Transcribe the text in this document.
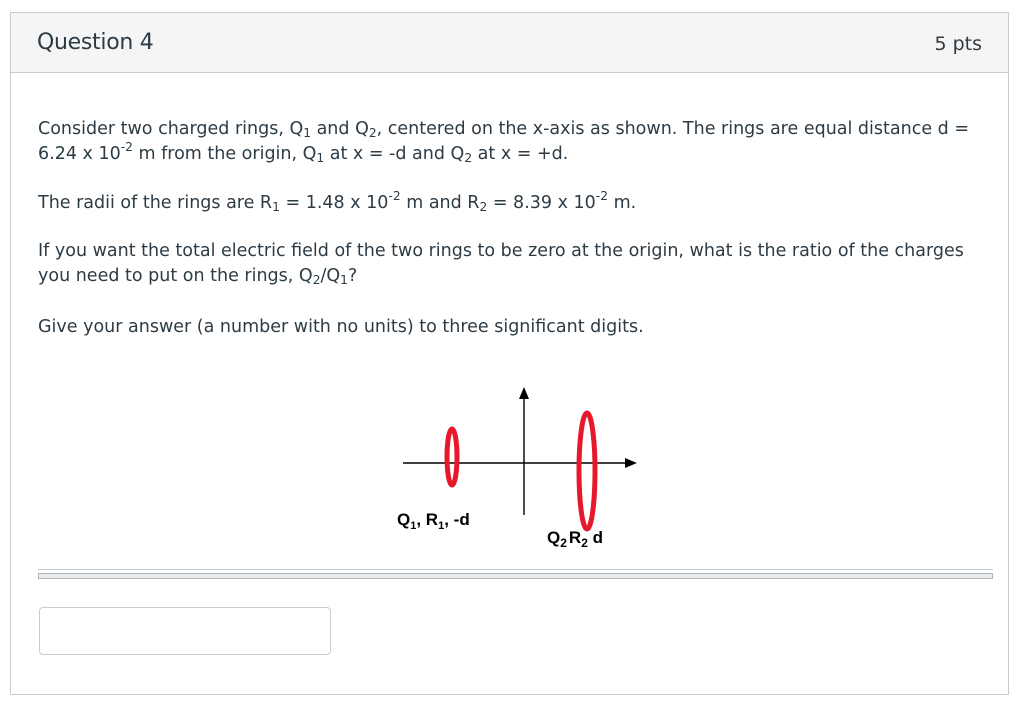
Question 4	5 pts

Consider two charged rings, $Q_1$ and $Q_2$, centered on the x-axis as shown. The rings are equal distance d = 6.24 x $10^{-2}$ m from the origin, $Q_1$ at x = -d and $Q_2$ at x = +d.

The radii of the rings are $R_1 = 1.48$ x $10^{-2}$ m and $R_2 = 8.39$ x $10^{-2}$ m.

If you want the total electric field of the two rings to be zero at the origin, what is the ratio of the charges you need to put on the rings, $Q_2/Q_1$?

Give your answer (a number with no units) to three significant digits.

$Q_1$, $R_1$, -d
$Q_2$ $R_2$ d
